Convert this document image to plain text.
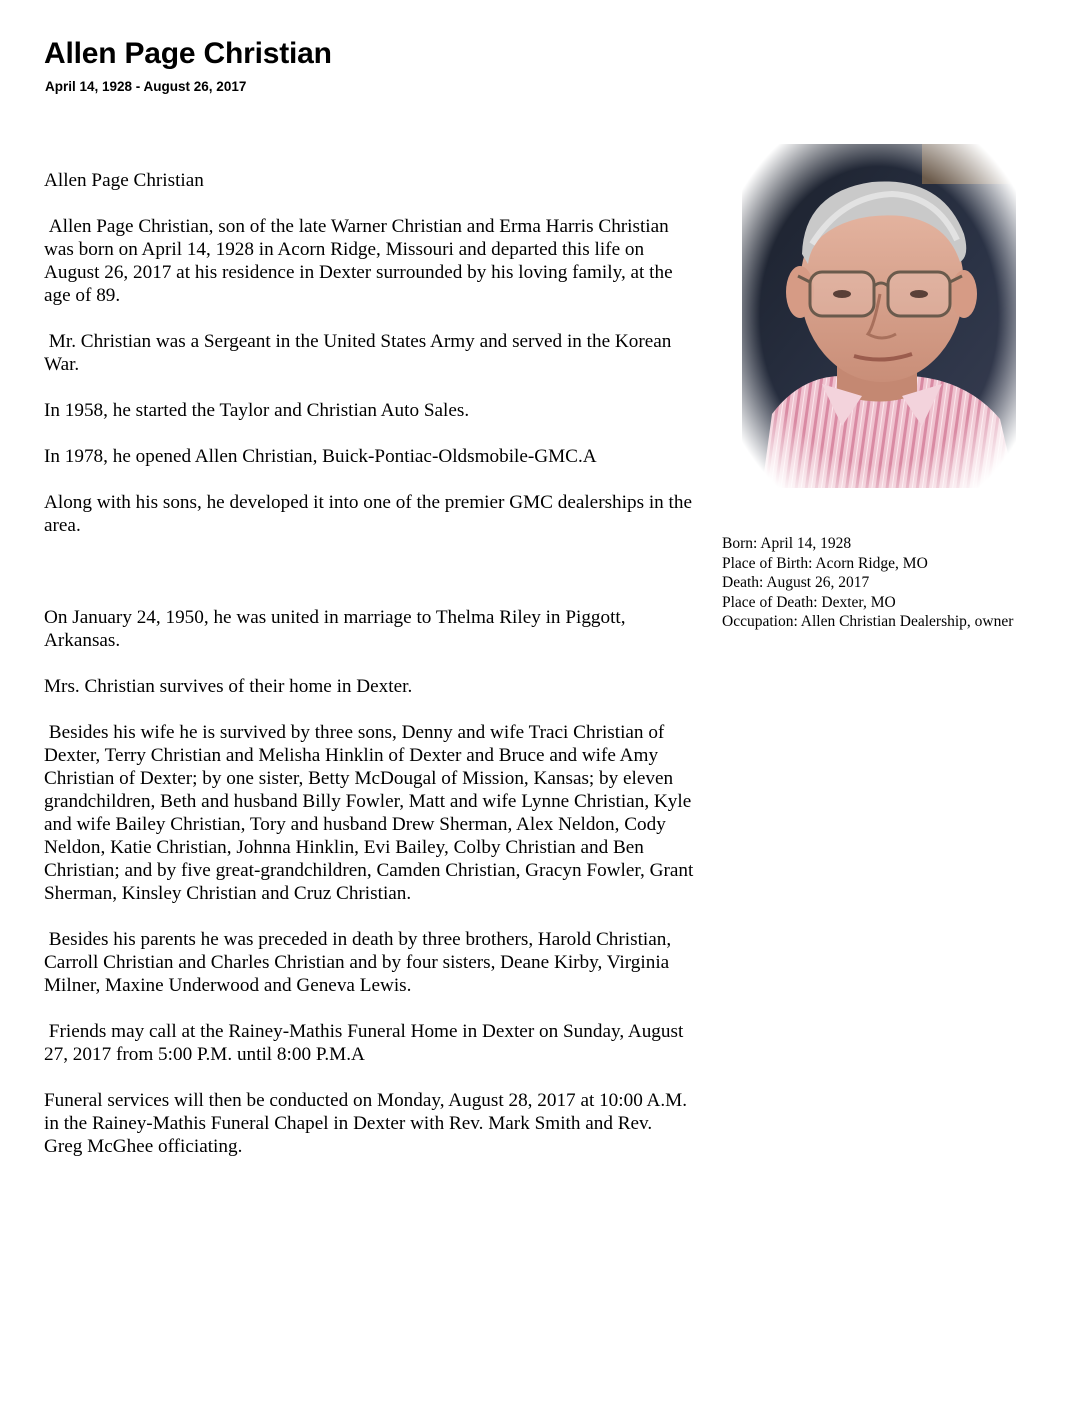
Allen Page Christian
April 14, 1928 - August 26, 2017

Allen Page Christian

Allen Page Christian, son of the late Warner Christian and Erma Harris Christian was born on April 14, 1928 in Acorn Ridge, Missouri and departed this life on August 26, 2017 at his residence in Dexter surrounded by his loving family, at the age of 89.

Mr. Christian was a Sergeant in the United States Army and served in the Korean War.

In 1958, he started the Taylor and Christian Auto Sales.

In 1978, he opened Allen Christian, Buick-Pontiac-Oldsmobile-GMC.A

Along with his sons, he developed it into one of the premier GMC dealerships in the area.

On January 24, 1950, he was united in marriage to Thelma Riley in Piggott, Arkansas.

Mrs. Christian survives of their home in Dexter.

Besides his wife he is survived by three sons, Denny and wife Traci Christian of Dexter, Terry Christian and Melisha Hinklin of Dexter and Bruce and wife Amy Christian of Dexter; by one sister, Betty McDougal of Mission, Kansas; by eleven grandchildren, Beth and husband Billy Fowler, Matt and wife Lynne Christian, Kyle and wife Bailey Christian, Tory and husband Drew Sherman, Alex Neldon, Cody Neldon, Katie Christian, Johnna Hinklin, Evi Bailey, Colby Christian and Ben Christian; and by five great-grandchildren, Camden Christian, Gracyn Fowler, Grant Sherman, Kinsley Christian and Cruz Christian.

Besides his parents he was preceded in death by three brothers, Harold Christian, Carroll Christian and Charles Christian and by four sisters, Deane Kirby, Virginia Milner, Maxine Underwood and Geneva Lewis.

Friends may call at the Rainey-Mathis Funeral Home in Dexter on Sunday, August 27, 2017 from 5:00 P.M. until 8:00 P.M.A

Funeral services will then be conducted on Monday, August 28, 2017 at 10:00 A.M. in the Rainey-Mathis Funeral Chapel in Dexter with Rev. Mark Smith and Rev. Greg McGhee officiating.

Born: April 14, 1928
Place of Birth: Acorn Ridge, MO
Death: August 26, 2017
Place of Death: Dexter, MO
Occupation: Allen Christian Dealership, owner
